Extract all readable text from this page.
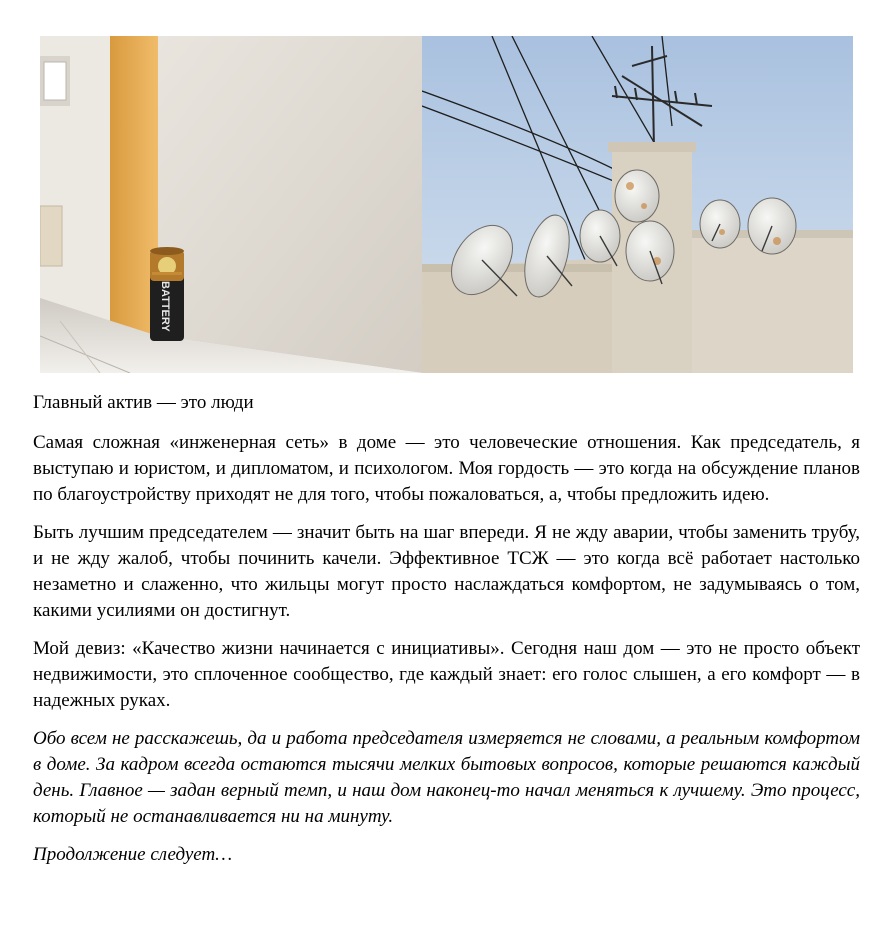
BATTERY

Главный актив — это люди

Самая сложная «инженерная сеть» в доме — это человеческие отношения. Как председатель, я выступаю и юристом, и дипломатом, и психологом. Моя гордость — это когда на обсуждение планов по благоустройству приходят не для того, чтобы пожаловаться, а, чтобы предложить идею.

Быть лучшим председателем — значит быть на шаг впереди. Я не жду аварии, чтобы заменить трубу, и не жду жалоб, чтобы починить качели. Эффективное ТСЖ — это когда всё работает настолько незаметно и слаженно, что жильцы могут просто наслаждаться комфортом, не задумываясь о том, какими усилиями он достигнут.

Мой девиз: «Качество жизни начинается с инициативы». Сегодня наш дом — это не просто объект недвижимости, это сплоченное сообщество, где каждый знает: его голос слышен, а его комфорт — в надежных руках.

Обо всем не расскажешь, да и работа председателя измеряется не словами, а реальным комфортом в доме. За кадром всегда остаются тысячи мелких бытовых вопросов, которые решаются каждый день. Главное — задан верный темп, и наш дом наконец-то начал меняться к лучшему. Это процесс, который не останавливается ни на минуту.

Продолжение следует…
